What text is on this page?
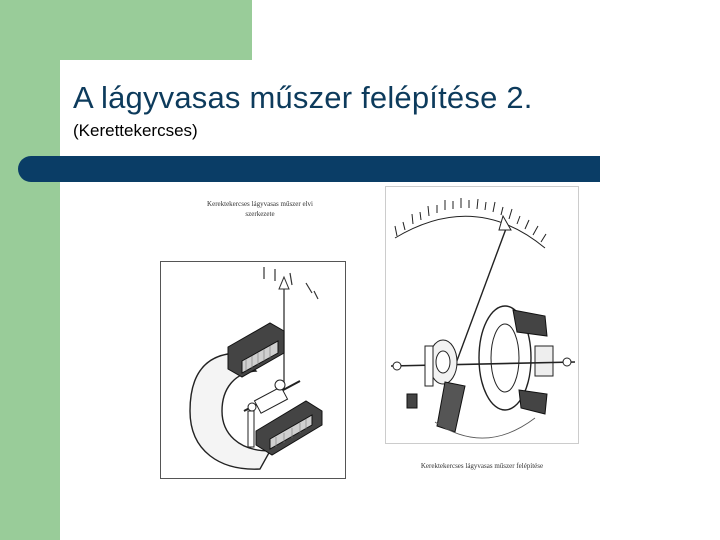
A lágyvasas műszer felépítése 2.
(Kerettekercses)
Kerektekercses lágyvasas műszer elvi
szerkezete
Kerektekercses lágyvasas műszer felépítése
